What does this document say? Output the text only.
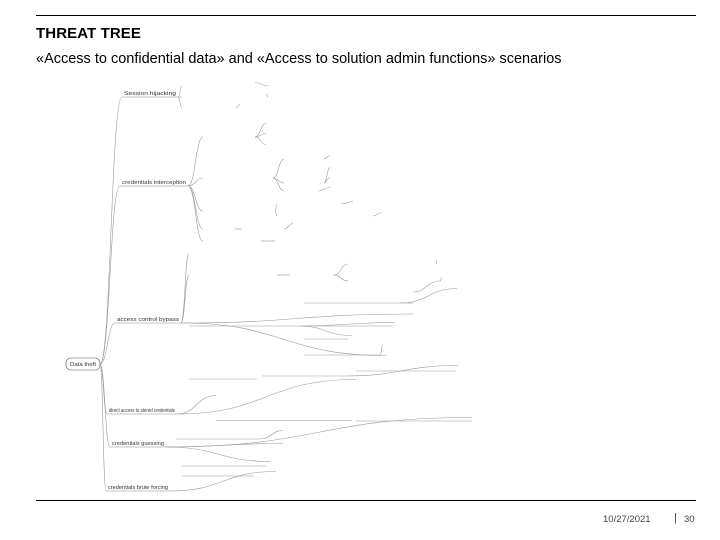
THREAT TREE
«Access to confidential data» and «Access to solution admin functions» scenarios
Data theft
Session hijacking
credentials interception
access control bypass
direct access to stored credentials
credentials guessing
credentials brute forcing
10/27/2021 | 30
